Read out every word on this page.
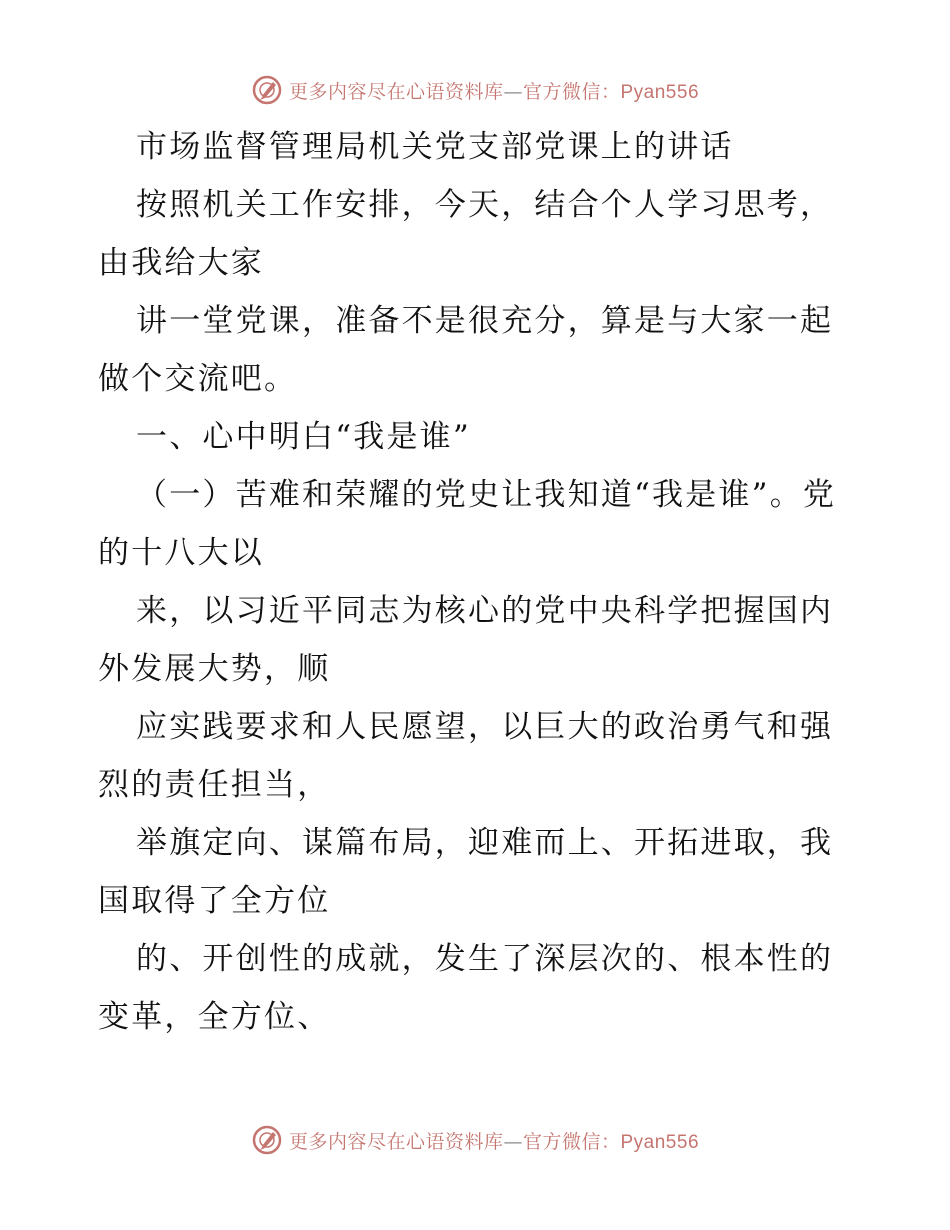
更多内容尽在心语资料库—官方微信：Pyan556

市场监督管理局机关党支部党课上的讲话

按照机关工作安排，今天，结合个人学习思考，由我给大家

讲一堂党课，准备不是很充分，算是与大家一起做个交流吧。

一、心中明白“我是谁”

（一）苦难和荣耀的党史让我知道“我是谁”。党的十八大以

来，以习近平同志为核心的党中央科学把握国内外发展大势，顺

应实践要求和人民愿望，以巨大的政治勇气和强烈的责任担当，

举旗定向、谋篇布局，迎难而上、开拓进取，我国取得了全方位

的、开创性的成就，发生了深层次的、根本性的变革，全方位、

更多内容尽在心语资料库—官方微信：Pyan556
